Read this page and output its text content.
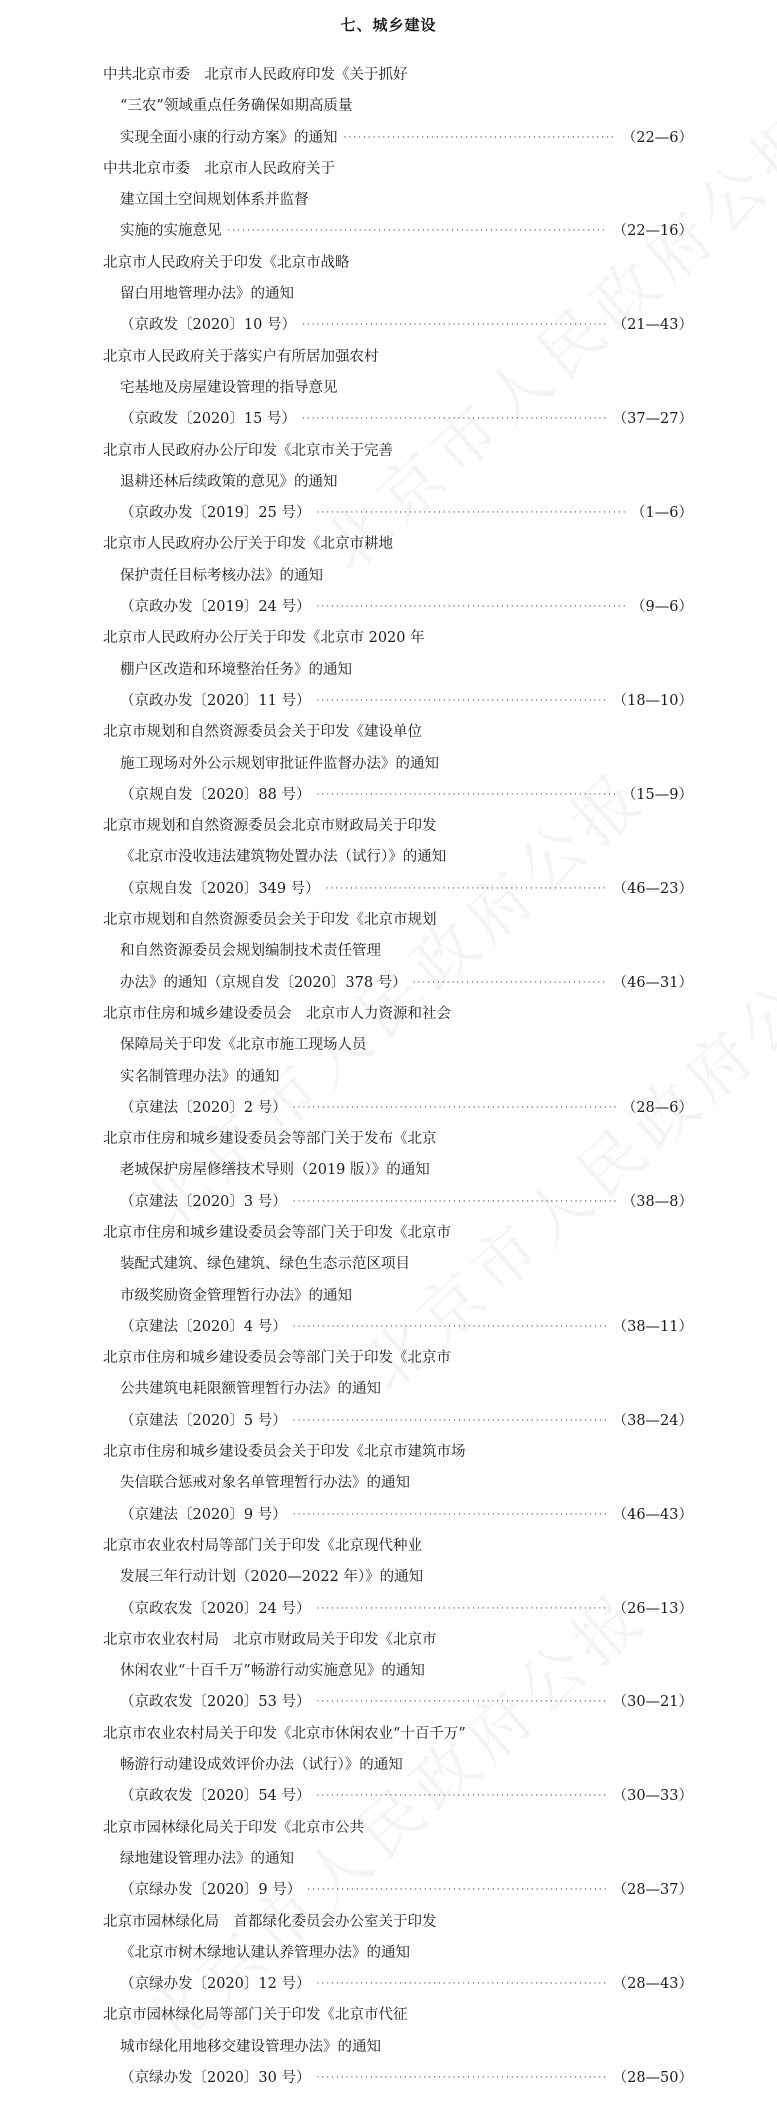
七、城乡建设
中共北京市委　北京市人民政府印发《关于抓好
“三农”领域重点任务确保如期高质量
实现全面小康的行动方案》的通知 ·····	（22—6）
中共北京市委　北京市人民政府关于
建立国土空间规划体系并监督
实施的实施意见 ·····	（22—16）
北京市人民政府关于印发《北京市战略
留白用地管理办法》的通知
（京政发〔2020〕10 号） ·····	（21—43）
北京市人民政府关于落实户有所居加强农村
宅基地及房屋建设管理的指导意见
（京政发〔2020〕15 号） ·····	（37—27）
北京市人民政府办公厅印发《北京市关于完善
退耕还林后续政策的意见》的通知
（京政办发〔2019〕25 号） ·····	（1—6）
北京市人民政府办公厅关于印发《北京市耕地
保护责任目标考核办法》的通知
（京政办发〔2019〕24 号） ·····	（9—6）
北京市人民政府办公厅关于印发《北京市 2020 年
棚户区改造和环境整治任务》的通知
（京政办发〔2020〕11 号） ·····	（18—10）
北京市规划和自然资源委员会关于印发《建设单位
施工现场对外公示规划审批证件监督办法》的通知
（京规自发〔2020〕88 号） ·····	（15—9）
北京市规划和自然资源委员会北京市财政局关于印发
《北京市没收违法建筑物处置办法（试行）》的通知
（京规自发〔2020〕349 号） ·····	（46—23）
北京市规划和自然资源委员会关于印发《北京市规划
和自然资源委员会规划编制技术责任管理
办法》的通知（京规自发〔2020〕378 号） ·····	（46—31）
北京市住房和城乡建设委员会　北京市人力资源和社会
保障局关于印发《北京市施工现场人员
实名制管理办法》的通知
（京建法〔2020〕2 号） ·····	（28—6）
北京市住房和城乡建设委员会等部门关于发布《北京
老城保护房屋修缮技术导则（2019 版）》的通知
（京建法〔2020〕3 号） ·····	（38—8）
北京市住房和城乡建设委员会等部门关于印发《北京市
装配式建筑、绿色建筑、绿色生态示范区项目
市级奖励资金管理暂行办法》的通知
（京建法〔2020〕4 号） ·····	（38—11）
北京市住房和城乡建设委员会等部门关于印发《北京市
公共建筑电耗限额管理暂行办法》的通知
（京建法〔2020〕5 号） ·····	（38—24）
北京市住房和城乡建设委员会关于印发《北京市建筑市场
失信联合惩戒对象名单管理暂行办法》的通知
（京建法〔2020〕9 号） ·····	（46—43）
北京市农业农村局等部门关于印发《北京现代种业
发展三年行动计划（2020—2022 年）》的通知
（京政农发〔2020〕24 号） ·····	（26—13）
北京市农业农村局　北京市财政局关于印发《北京市
休闲农业“十百千万”畅游行动实施意见》的通知
（京政农发〔2020〕53 号） ·····	（30—21）
北京市农业农村局关于印发《北京市休闲农业“十百千万”
畅游行动建设成效评价办法（试行）》的通知
（京政农发〔2020〕54 号） ·····	（30—33）
北京市园林绿化局关于印发《北京市公共
绿地建设管理办法》的通知
（京绿办发〔2020〕9 号） ·····	（28—37）
北京市园林绿化局　首都绿化委员会办公室关于印发
《北京市树木绿地认建认养管理办法》的通知
（京绿办发〔2020〕12 号） ·····	（28—43）
北京市园林绿化局等部门关于印发《北京市代征
城市绿化用地移交建设管理办法》的通知
（京绿办发〔2020〕30 号） ·····	（28—50）
